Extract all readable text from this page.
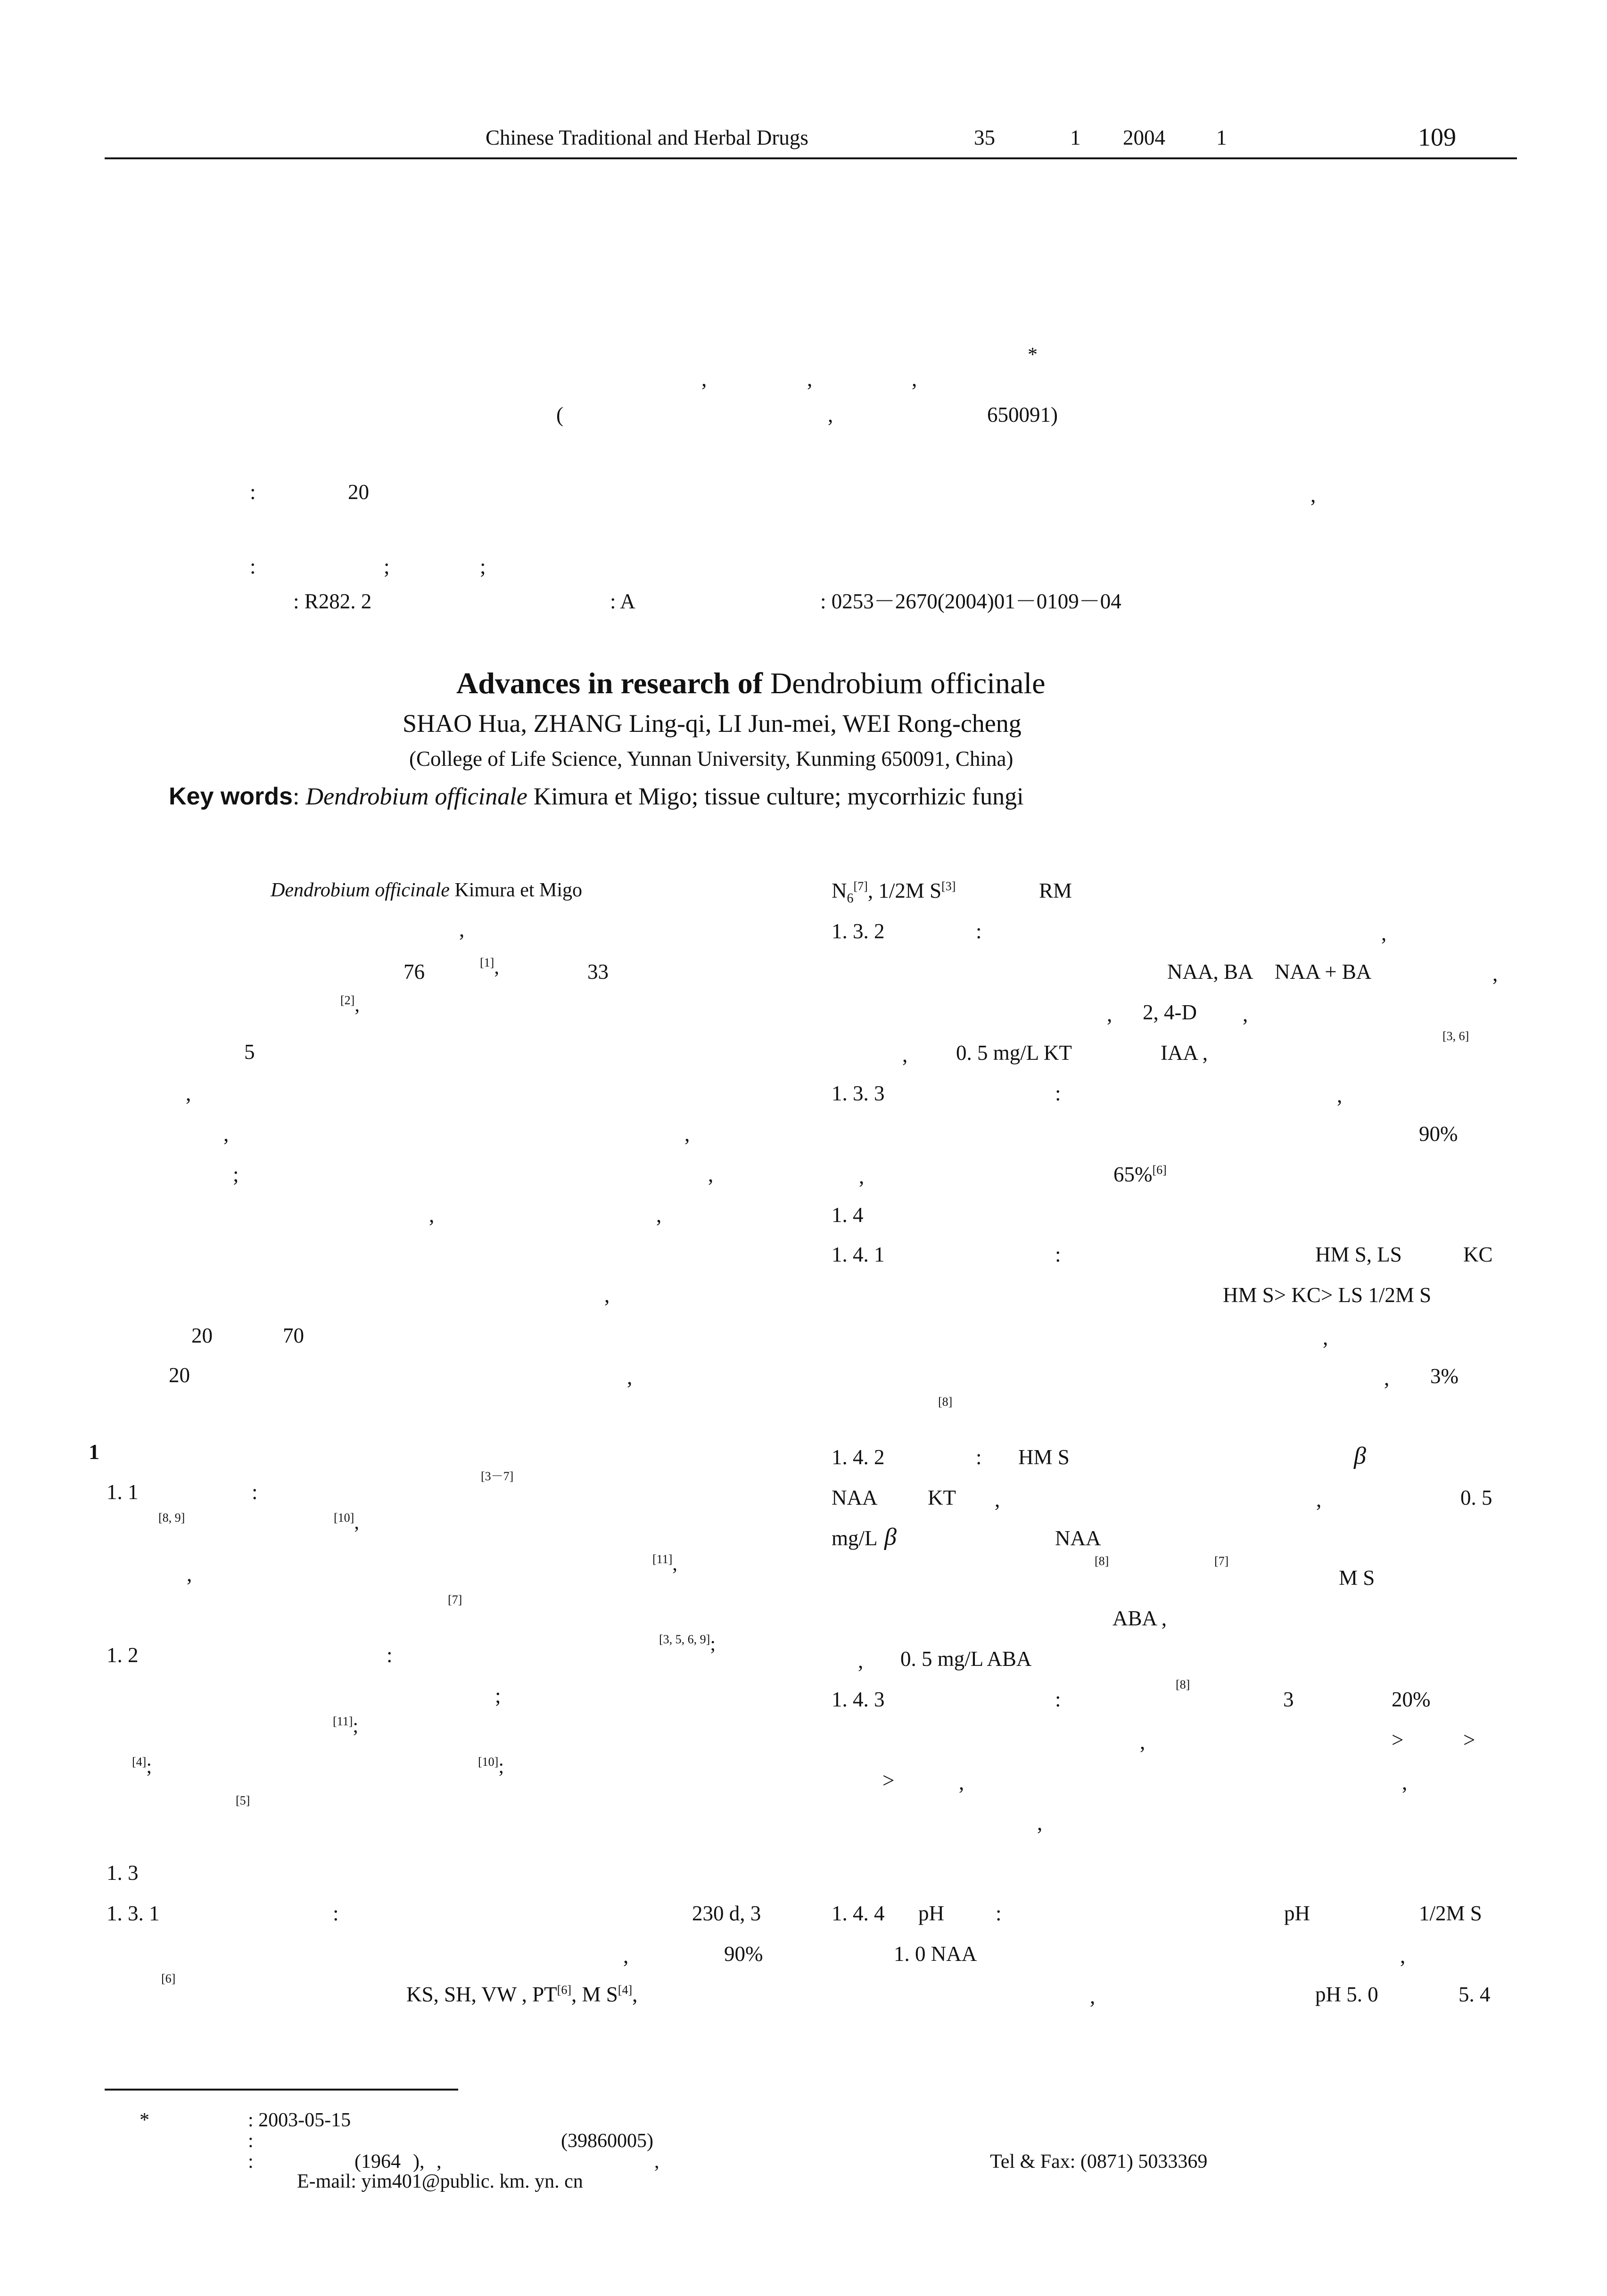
Chinese Traditional and Herbal Drugs	35	1 2004 1	109
*
,	,	,
(	,	650091)
:	20	,
:	;	;
: R282. 2	: A	: 0253－2670(2004)01－0109－04
Advances in research of Dendrobium officinale
SHAO Hua, ZHANG Ling-qi, LI Jun-mei, WEI Rong-cheng
(College of Life Science, Yunnan University, Kunming 650091, China)
Key words: Dendrobium officinale Kimura et Migo; tissue culture; mycorrhizic fungi
Dendrobium officinale Kimura et Migo
,
76	[1],	33
[2],
5
,
,	,
;	,
,	,
,
20	70
20	,
1
1. 1	:
[3－7]
[8, 9]	[10],
,
[11],
[7]
1. 2	:
[3, 5, 6, 9];
;
[11];
[4];	[10];
[5]
1. 3
1. 3. 1	:	230 d, 3
,	90%
[6]
KS, SH, VW , PT[6], M S[4],
$N_6[7]$, 1/2M S[3]	RM
1. 3. 2	:	,
NAA, BA NAA + BA	,
, 2, 4-D ,
, 0. 5 mg/L KT	IAA ,
[3, 6]
1. 3. 3	:	,
90%
,	65%[6]
1. 4
1. 4. 1	:	HM S, LS	KC
HM S> KC> LS 1/2M S
,
, 3%
[8]
1. 4. 2	: HM S	β
NAA KT ,	,	0. 5
mg/L β	NAA
[8]	[7]
M S
ABA ,
, 0. 5 mg/L ABA
1. 4. 3	:
[8]
3	20%
,	>	>
>	,	,
,
1. 4. 4 pH :	pH	1/2M S
1. 0 NAA	,
,	pH 5. 0	5. 4
*	: 2003-05-15
:	(39860005)
:	(1964 ), ,	,	Tel & Fax: (0871) 5033369
E-mail: yim401@public. km. yn. cn
